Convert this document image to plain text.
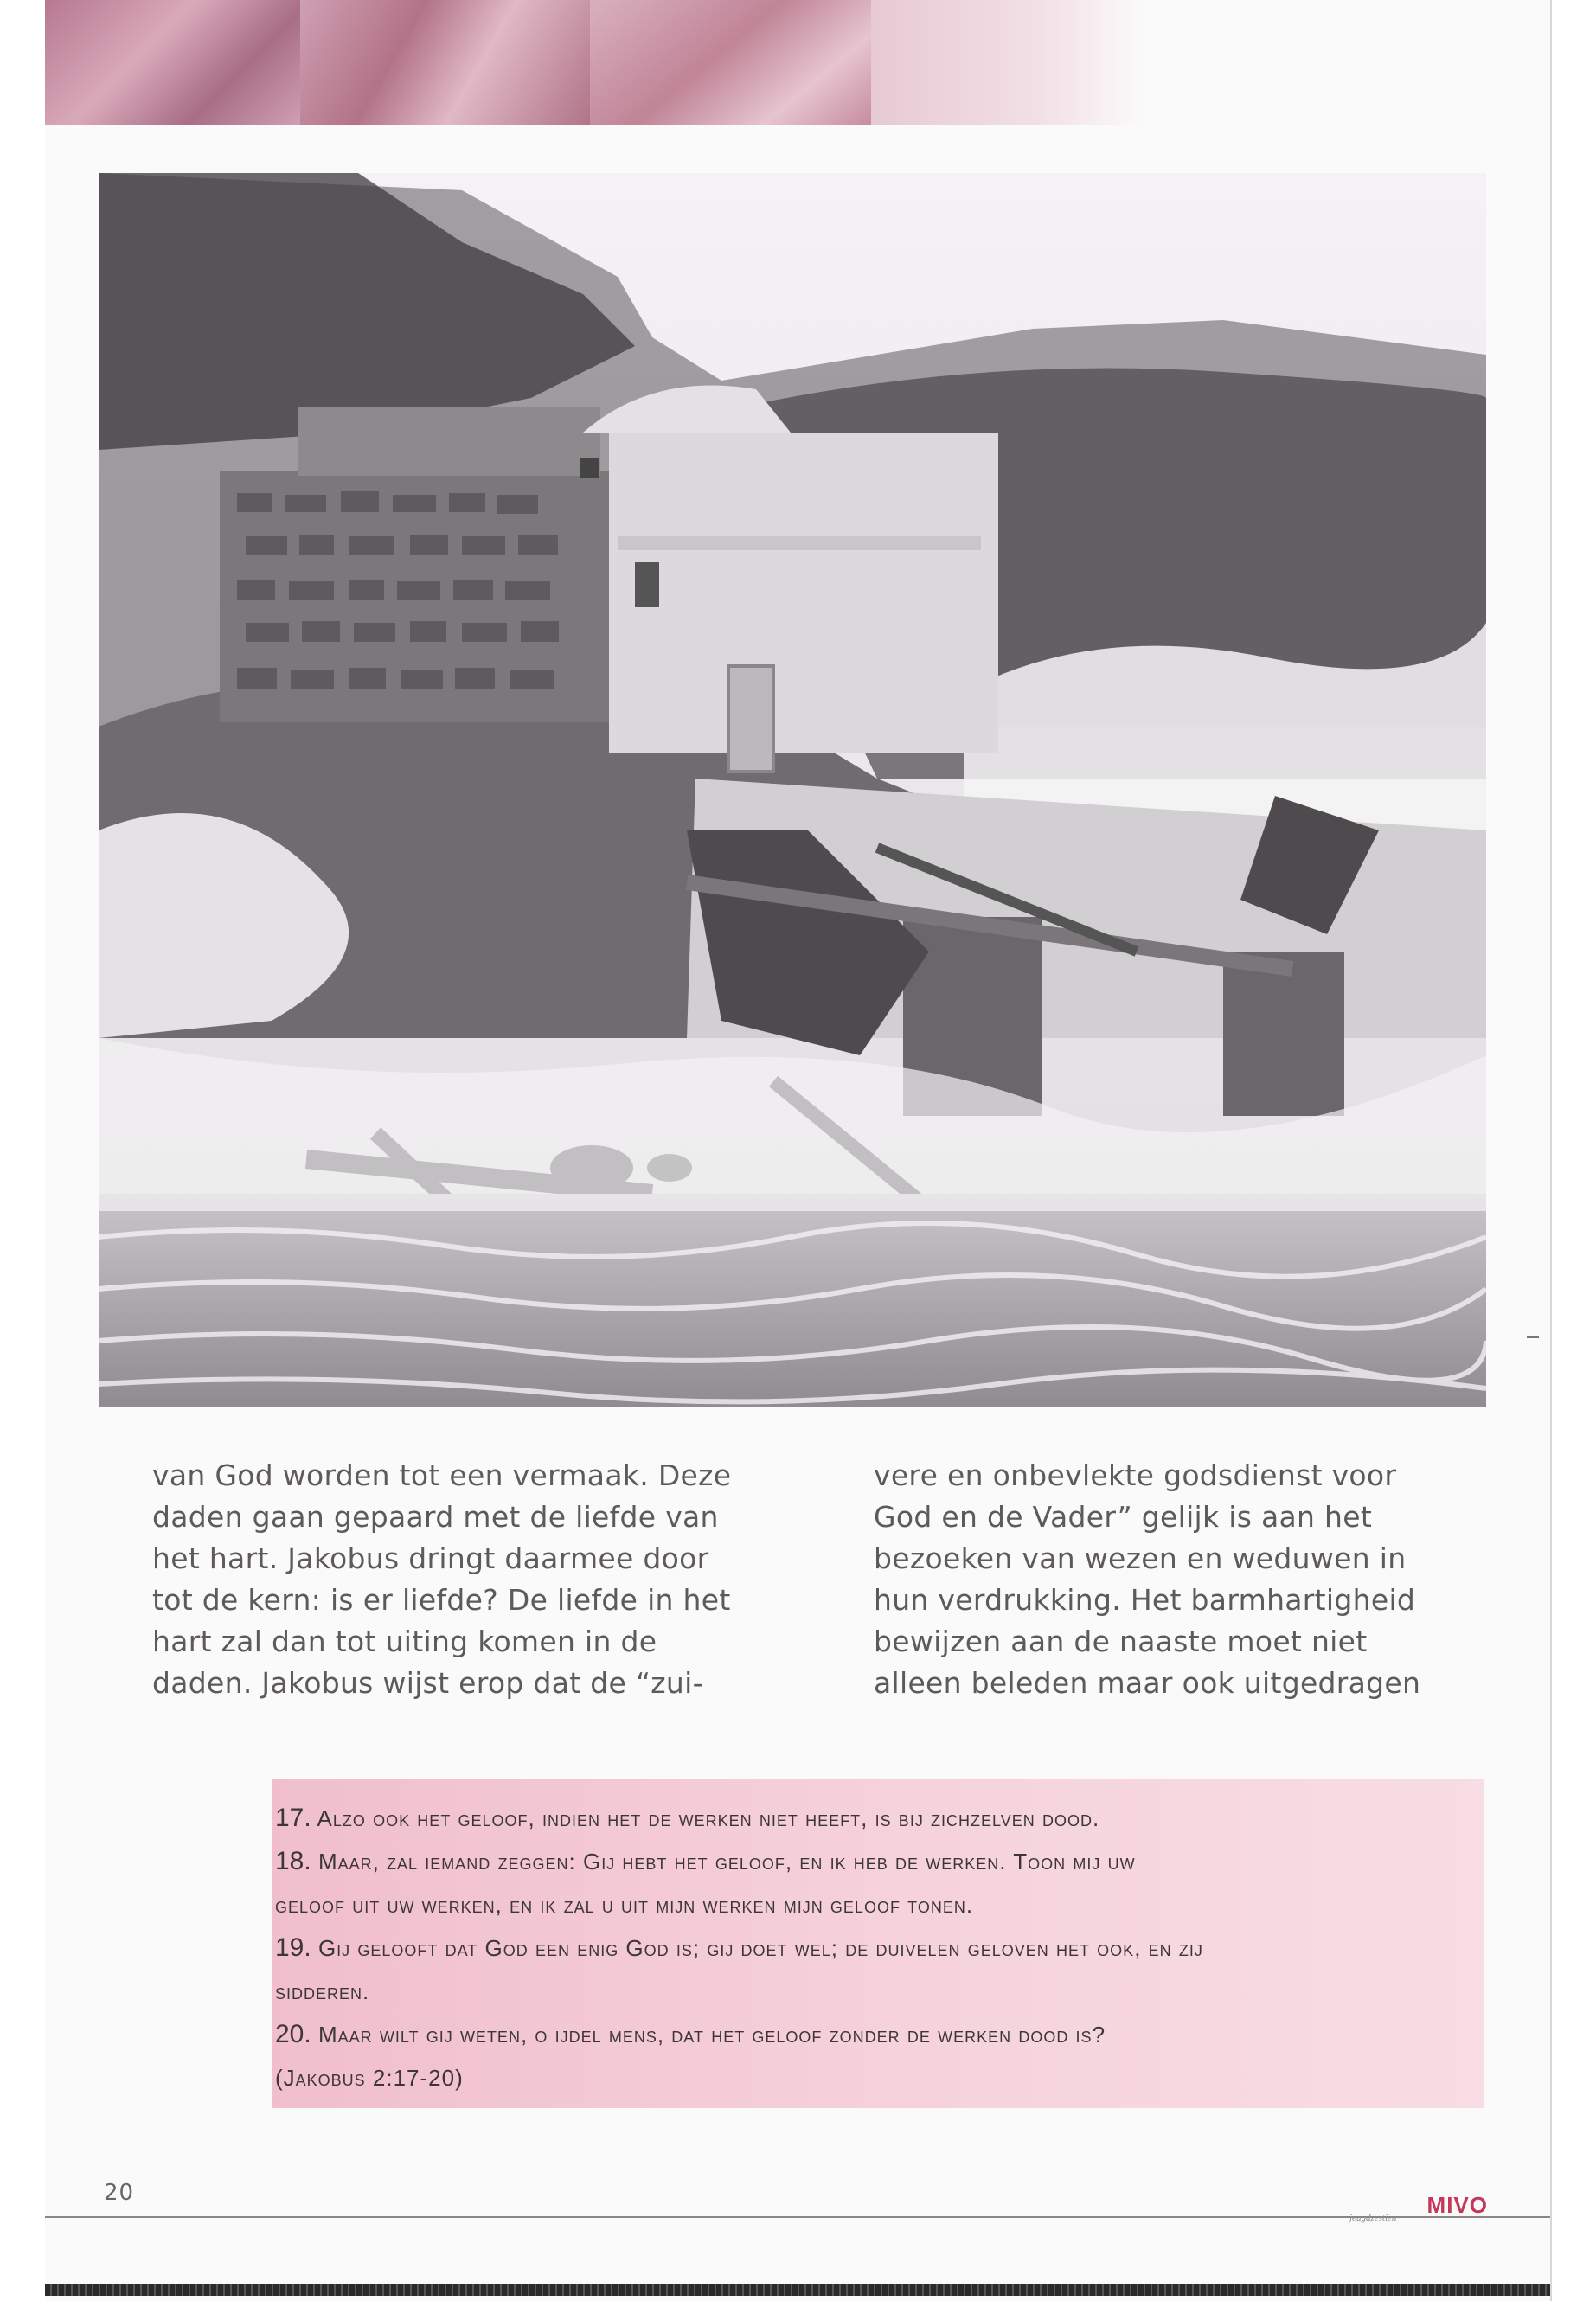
van God worden tot een vermaak. Deze
daden gaan gepaard met de liefde van
het hart. Jakobus dringt daarmee door
tot de kern: is er liefde? De liefde in het
hart zal dan tot uiting komen in de
daden. Jakobus wijst erop dat de “zui-

vere en onbevlekte godsdienst voor
God en de Vader” gelijk is aan het
bezoeken van wezen en weduwen in
hun verdrukking. Het barmhartigheid
bewijzen aan de naaste moet niet
alleen beleden maar ook uitgedragen

17. Alzo ook het geloof, indien het de werken niet heeft, is bij zichzelven dood.
18. Maar, zal iemand zeggen: Gij hebt het geloof, en ik heb de werken. Toon mij uw
geloof uit uw werken, en ik zal u uit mijn werken mijn geloof tonen.
19. Gij gelooft dat God een enig God is; gij doet wel; de duivelen geloven het ook, en zij
sidderen.
20. Maar wilt gij weten, o ijdel mens, dat het geloof zonder de werken dood is?
(Jakobus 2:17-20)
20
jeugdzestien MIVO
